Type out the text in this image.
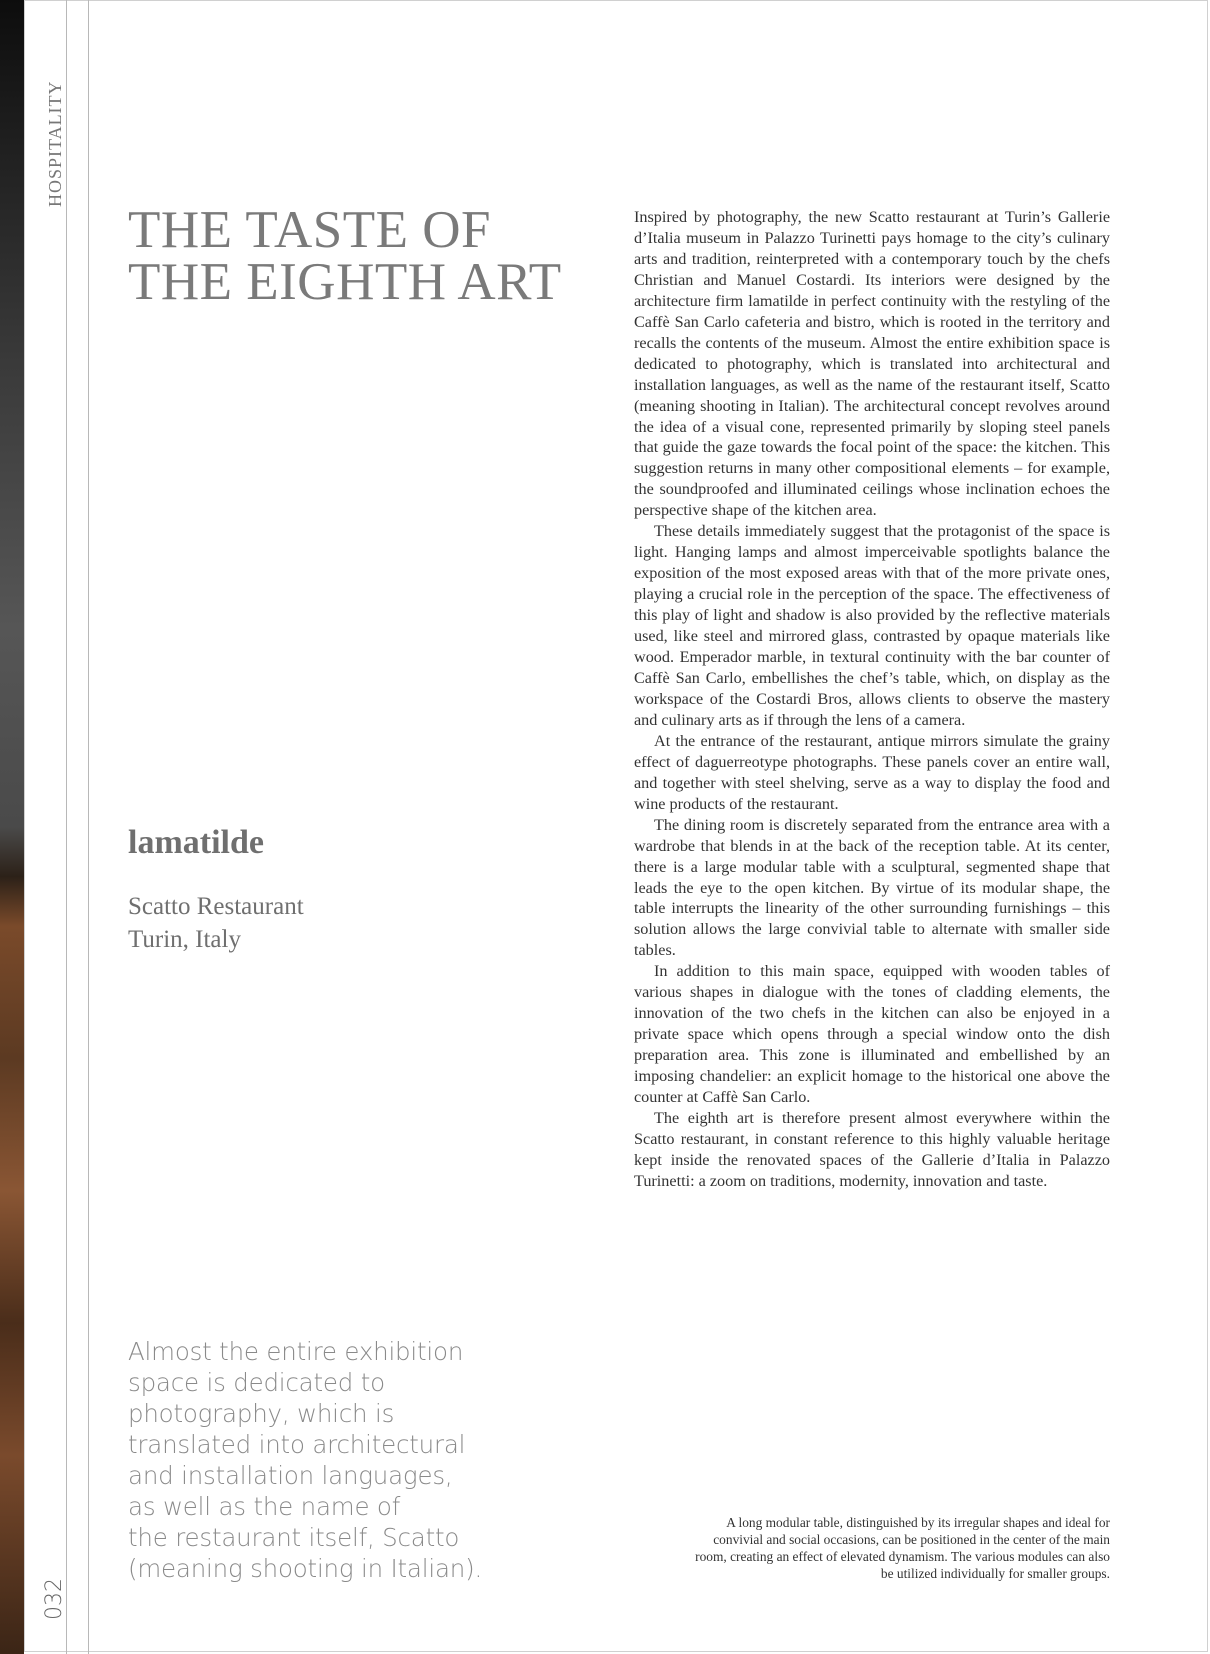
HOSPITALITY
032
THE TASTE OF
THE EIGHTH ART
lamatilde
Scatto Restaurant
Turin, Italy
Almost the entire exhibition
space is dedicated to
photography, which is
translated into architectural
and installation languages,
as well as the name of
the restaurant itself, Scatto
(meaning shooting in Italian).

Inspired by photography, the new Scatto restaurant at Turin’s Gallerie d’Italia museum in Palazzo Turinetti pays homage to the city’s culinary arts and tradition, reinterpreted with a contemporary touch by the chefs Christian and Manuel Costardi. Its interiors were designed by the architecture firm lamatilde in perfect continuity with the restyling of the Caffè San Carlo cafeteria and bistro, which is rooted in the territory and recalls the contents of the museum. Almost the entire exhibition space is dedicated to photography, which is translated into architectural and installation languages, as well as the name of the restaurant itself, Scatto (meaning shooting in Italian). The architectural concept revolves around the idea of a visual cone, represented primarily by sloping steel panels that guide the gaze towards the focal point of the space: the kitchen. This suggestion returns in many other compositional elements – for example, the soundproofed and illuminated ceilings whose inclination echoes the perspective shape of the kitchen area.

These details immediately suggest that the protagonist of the space is light. Hanging lamps and almost imperceivable spotlights balance the exposition of the most exposed areas with that of the more private ones, playing a crucial role in the perception of the space. The effectiveness of this play of light and shadow is also provided by the reflective materials used, like steel and mirrored glass, contrasted by opaque materials like wood. Emperador marble, in textural continuity with the bar counter of Caffè San Carlo, embellishes the chef’s table, which, on display as the workspace of the Costardi Bros, allows clients to observe the mastery and culinary arts as if through the lens of a camera.

At the entrance of the restaurant, antique mirrors simulate the grainy effect of daguerreotype photographs. These panels cover an entire wall, and together with steel shelving, serve as a way to display the food and wine products of the restaurant.

The dining room is discretely separated from the entrance area with a wardrobe that blends in at the back of the reception table. At its center, there is a large modular table with a sculptural, segmented shape that leads the eye to the open kitchen. By virtue of its modular shape, the table interrupts the linearity of the other surrounding furnishings – this solution allows the large convivial table to alternate with smaller side tables.

In addition to this main space, equipped with wooden tables of various shapes in dialogue with the tones of cladding elements, the innovation of the two chefs in the kitchen can also be enjoyed in a private space which opens through a special window onto the dish preparation area. This zone is illuminated and embellished by an imposing chandelier: an explicit homage to the historical one above the counter at Caffè San Carlo.

The eighth art is therefore present almost everywhere within the Scatto restaurant, in constant reference to this highly valuable heritage kept inside the renovated spaces of the Gallerie d’Italia in Palazzo Turinetti: a zoom on traditions, modernity, innovation and taste.

A long modular table, distinguished by its irregular shapes and ideal for convivial and social occasions, can be positioned in the center of the main room, creating an effect of elevated dynamism. The various modules can also be utilized individually for smaller groups.
